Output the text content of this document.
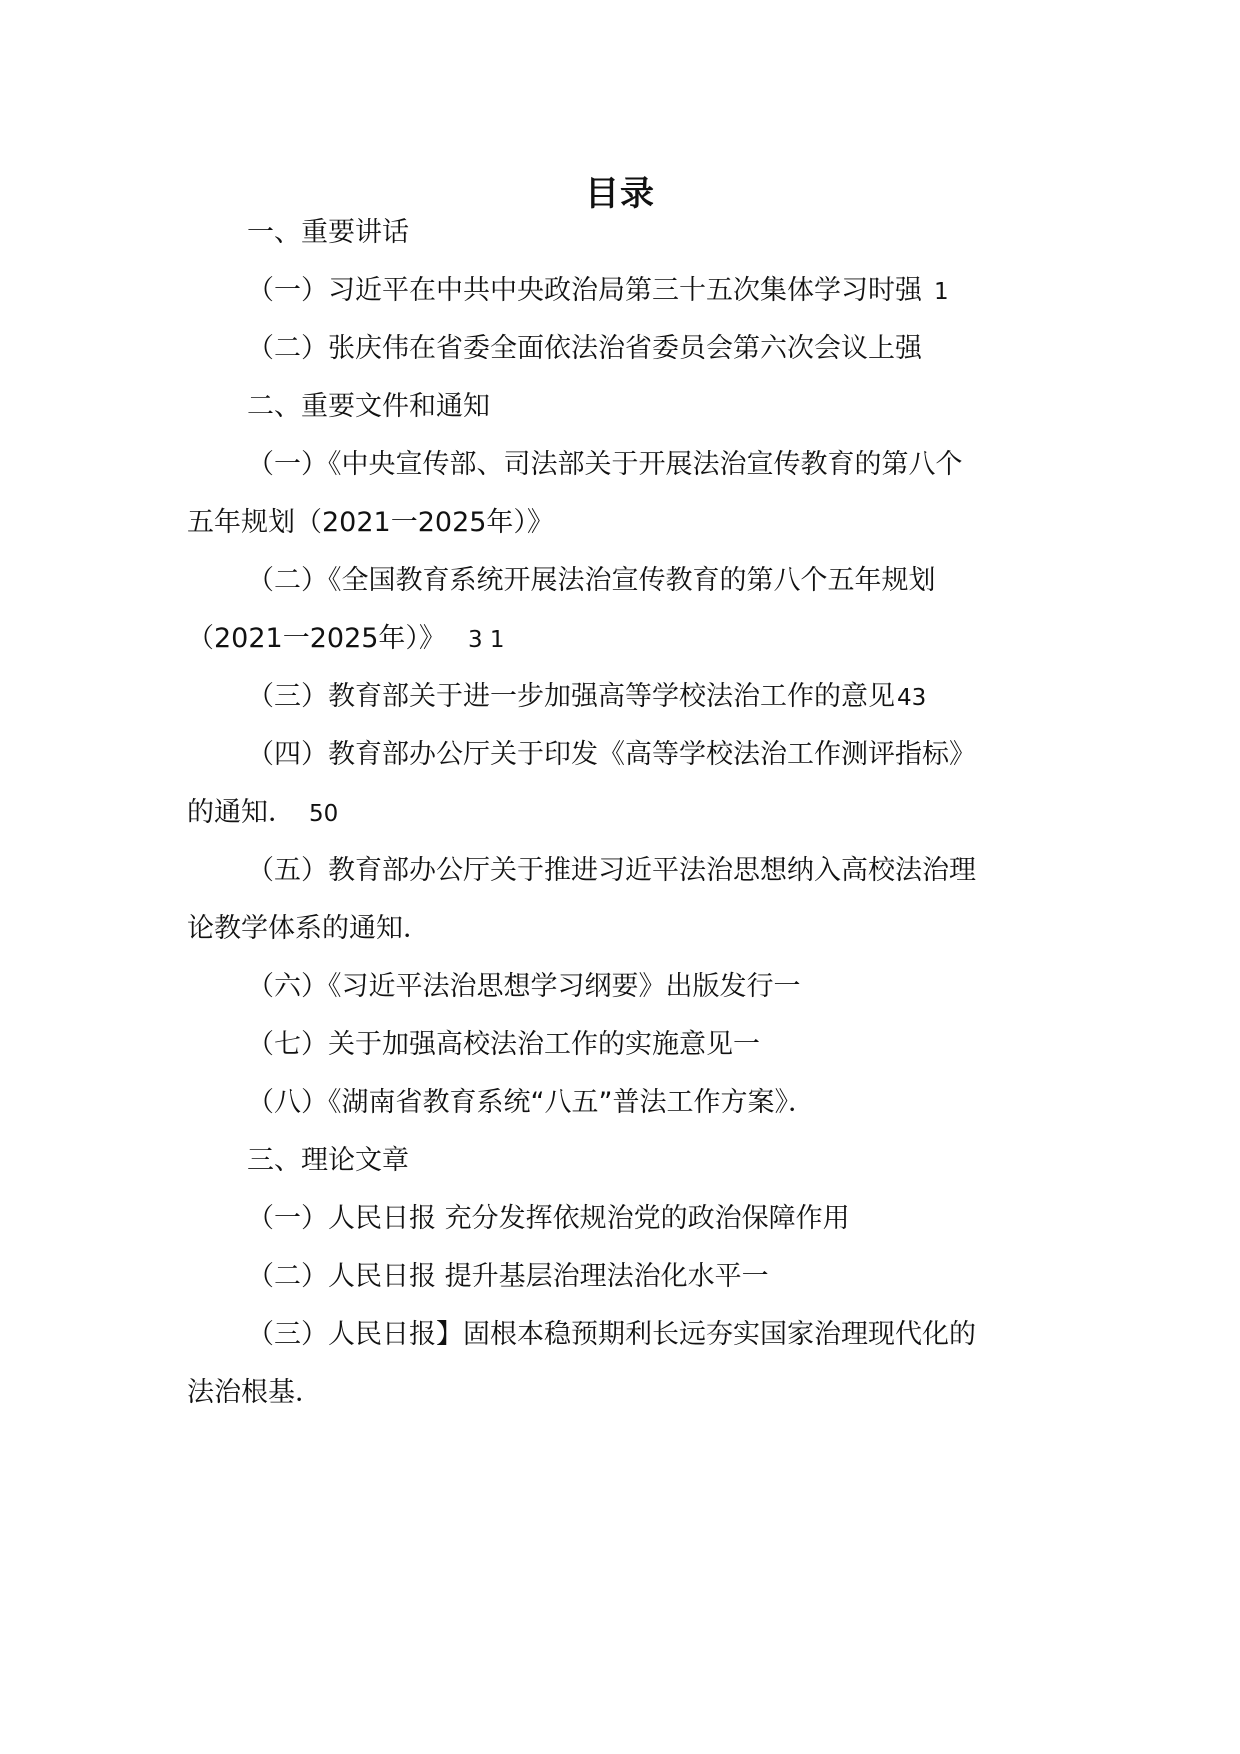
目录
一、重要讲话
（一）习近平在中共中央政治局第三十五次集体学习时强 1
（二）张庆伟在省委全面依法治省委员会第六次会议上强
二、重要文件和通知
（一）《中央宣传部、司法部关于开展法治宣传教育的第八个
五年规划（2021一2025年）》
（二）《全国教育系统开展法治宣传教育的第八个五年规划
（2021一2025年）》 3 1
（三）教育部关于进一步加强高等学校法治工作的意见43
（四）教育部办公厅关于印发《高等学校法治工作测评指标》
的通知． 50
（五）教育部办公厅关于推进习近平法治思想纳入高校法治理
论教学体系的通知．
（六）《习近平法治思想学习纲要》出版发行一
（七）关于加强高校法治工作的实施意见一
（八）《湖南省教育系统“八五”普法工作方案》．
三、理论文章
（一）人民日报 充分发挥依规治党的政治保障作用
（二）人民日报 提升基层治理法治化水平一
（三）人民日报】固根本稳预期利长远夯实国家治理现代化的
法治根基．
